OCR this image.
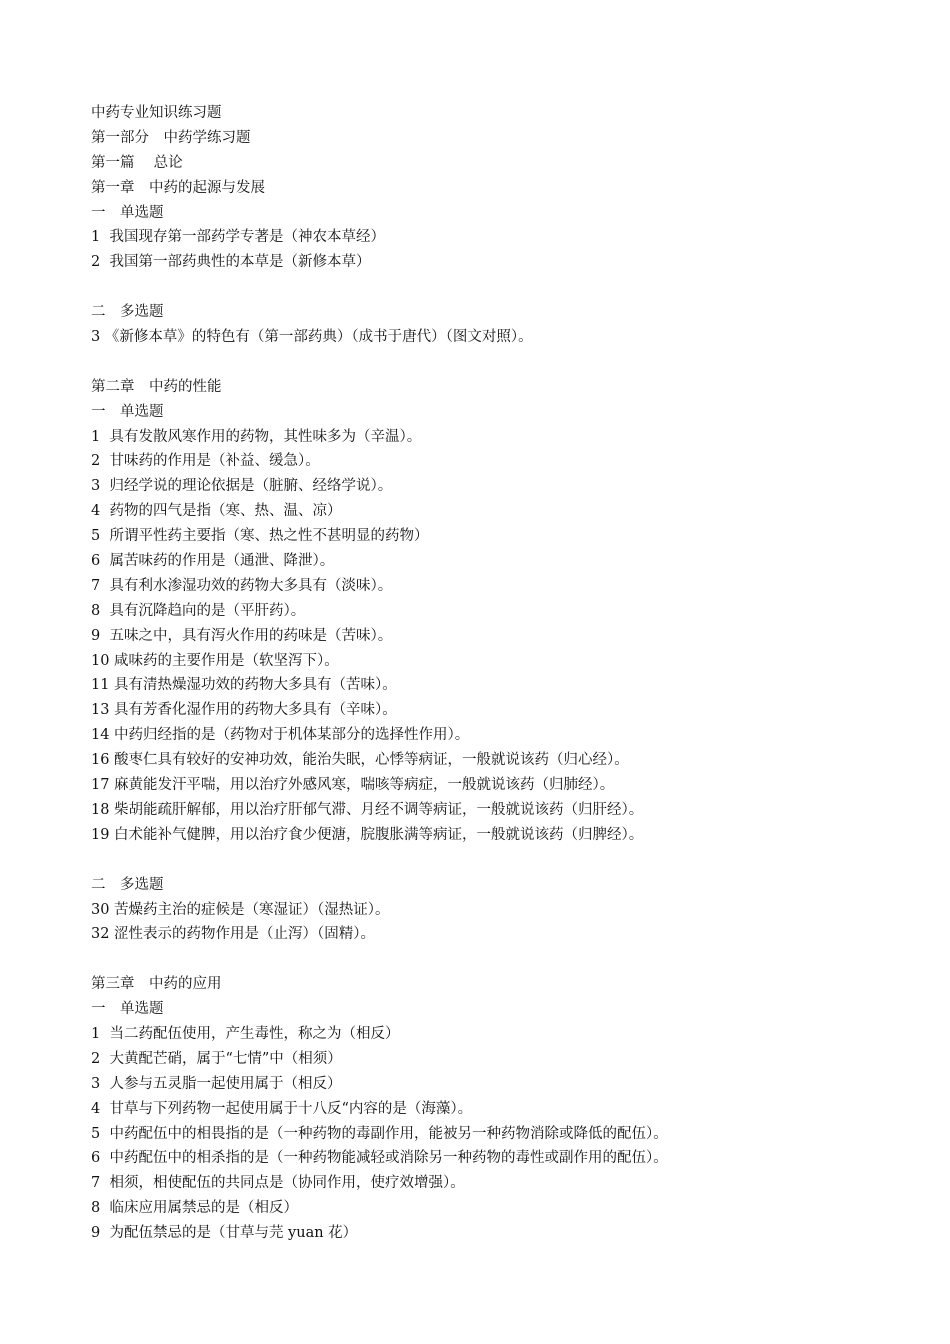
中药专业知识练习题
第一部分　中药学练习题
第一篇　 总论
第一章　中药的起源与发展
一　单选题
1  我国现存第一部药学专著是（神农本草经）
2  我国第一部药典性的本草是（新修本草）
二　多选题
3 《新修本草》的特色有（第一部药典）（成书于唐代）（图文对照）。
第二章　中药的性能
一　单选题
1  具有发散风寒作用的药物，其性味多为（辛温）。
2  甘味药的作用是（补益、缓急）。
3  归经学说的理论依据是（脏腑、经络学说）。
4  药物的四气是指（寒、热、温、凉）
5  所谓平性药主要指（寒、热之性不甚明显的药物）
6  属苦味药的作用是（通泄、降泄）。
7  具有利水渗湿功效的药物大多具有（淡味）。
8  具有沉降趋向的是（平肝药）。
9  五味之中，具有泻火作用的药味是（苦味）。
10 咸味药的主要作用是（软坚泻下）。
11 具有清热燥湿功效的药物大多具有（苦味）。
13 具有芳香化湿作用的药物大多具有（辛味）。
14 中药归经指的是（药物对于机体某部分的选择性作用）。
16 酸枣仁具有较好的安神功效，能治失眠，心悸等病证，一般就说该药（归心经）。
17 麻黄能发汗平喘，用以治疗外感风寒，喘咳等病症，一般就说该药（归肺经）。
18 柴胡能疏肝解郁，用以治疗肝郁气滞、月经不调等病证，一般就说该药（归肝经）。
19 白术能补气健脾，用以治疗食少便溏，脘腹胀满等病证，一般就说该药（归脾经）。
二　多选题
30 苦燥药主治的症候是（寒湿证）（湿热证）。
32 涩性表示的药物作用是（止泻）（固精）。
第三章　中药的应用
一　单选题
1  当二药配伍使用，产生毒性，称之为（相反）
2  大黄配芒硝，属于“七情”中（相须）
3  人参与五灵脂一起使用属于（相反）
4  甘草与下列药物一起使用属于十八反“内容的是（海藻）。
5  中药配伍中的相畏指的是（一种药物的毒副作用，能被另一种药物消除或降低的配伍）。
6  中药配伍中的相杀指的是（一种药物能减轻或消除另一种药物的毒性或副作用的配伍）。
7  相须，相使配伍的共同点是（协同作用，使疗效增强）。
8  临床应用属禁忌的是（相反）
9  为配伍禁忌的是（甘草与芫 yuan 花）
